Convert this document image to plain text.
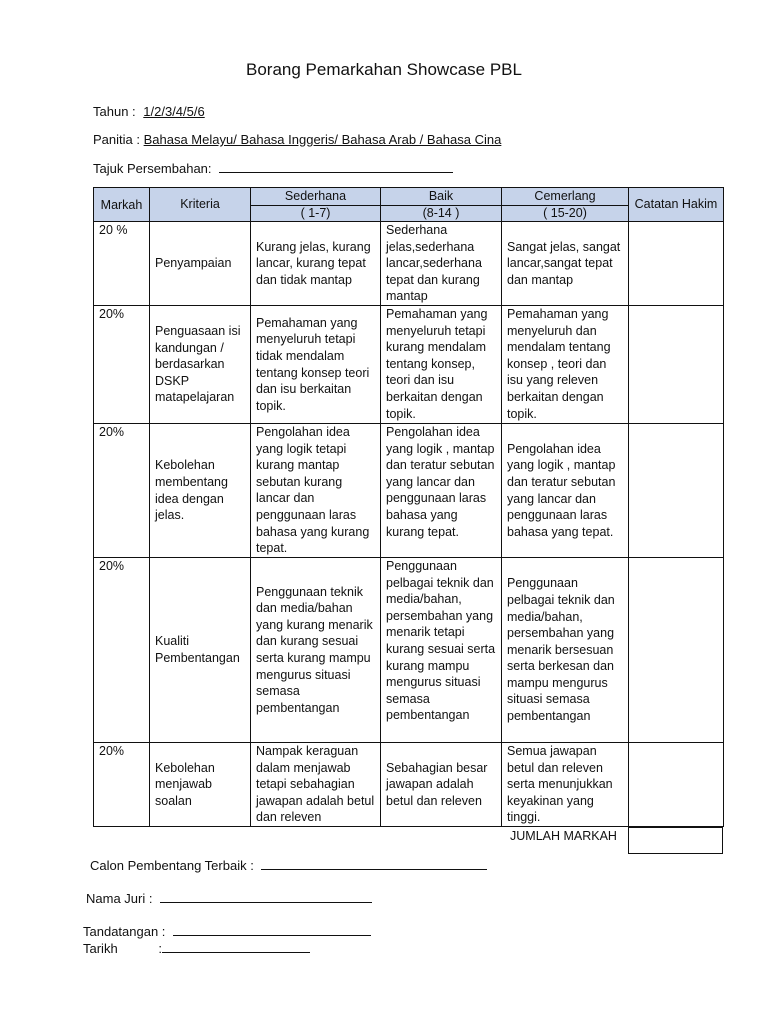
Borang Pemarkahan Showcase PBL
Tahun : 1/2/3/4/5/6
Panitia : Bahasa Melayu/ Bahasa Inggeris/ Bahasa Arab / Bahasa Cina
Tajuk Persembahan:
Markah	Kriteria	Sederhana	Baik	Cemerlang	Catatan Hakim
		( 1-7)	(8-14 )	( 15-20)	
20 %	Penyampaian	Kurang jelas, kurang lancar, kurang tepat dan tidak mantap	Sederhana jelas,sederhana lancar,sederhana tepat dan kurang mantap	Sangat jelas, sangat lancar,sangat tepat dan mantap	
20%	Penguasaan isi kandungan / berdasarkan DSKP matapelajaran	Pemahaman yang menyeluruh tetapi tidak mendalam tentang konsep teori dan isu berkaitan topik.	Pemahaman yang menyeluruh tetapi kurang mendalam tentang konsep, teori dan isu berkaitan dengan topik.	Pemahaman yang menyeluruh dan mendalam tentang konsep , teori dan isu yang releven berkaitan dengan topik.	
20%	Kebolehan membentang idea dengan jelas.	Pengolahan idea yang logik tetapi kurang mantap sebutan kurang lancar dan penggunaan laras bahasa yang kurang tepat.	Pengolahan idea yang logik , mantap dan teratur sebutan yang lancar dan penggunaan laras bahasa yang kurang tepat.	Pengolahan idea yang logik , mantap dan teratur sebutan yang lancar dan penggunaan laras bahasa yang tepat.	
20%	Kualiti Pembentangan	Penggunaan teknik dan media/bahan yang kurang menarik dan kurang sesuai serta kurang mampu mengurus situasi semasa pembentangan	Penggunaan pelbagai teknik dan media/bahan, persembahan yang menarik tetapi kurang sesuai serta kurang mampu mengurus situasi semasa pembentangan	Penggunaan pelbagai teknik dan media/bahan, persembahan yang menarik bersesuan serta berkesan dan mampu mengurus situasi semasa pembentangan	
20%	Kebolehan menjawab soalan	Nampak keraguan dalam menjawab tetapi sebahagian jawapan adalah betul dan releven	Sebahagian besar jawapan adalah betul dan releven	Semua jawapan betul dan releven serta menunjukkan keyakinan yang tinggi.	
JUMLAH MARKAH
Calon Pembentang Terbaik :
Nama Juri :
Tandatangan :
Tarikh	:
